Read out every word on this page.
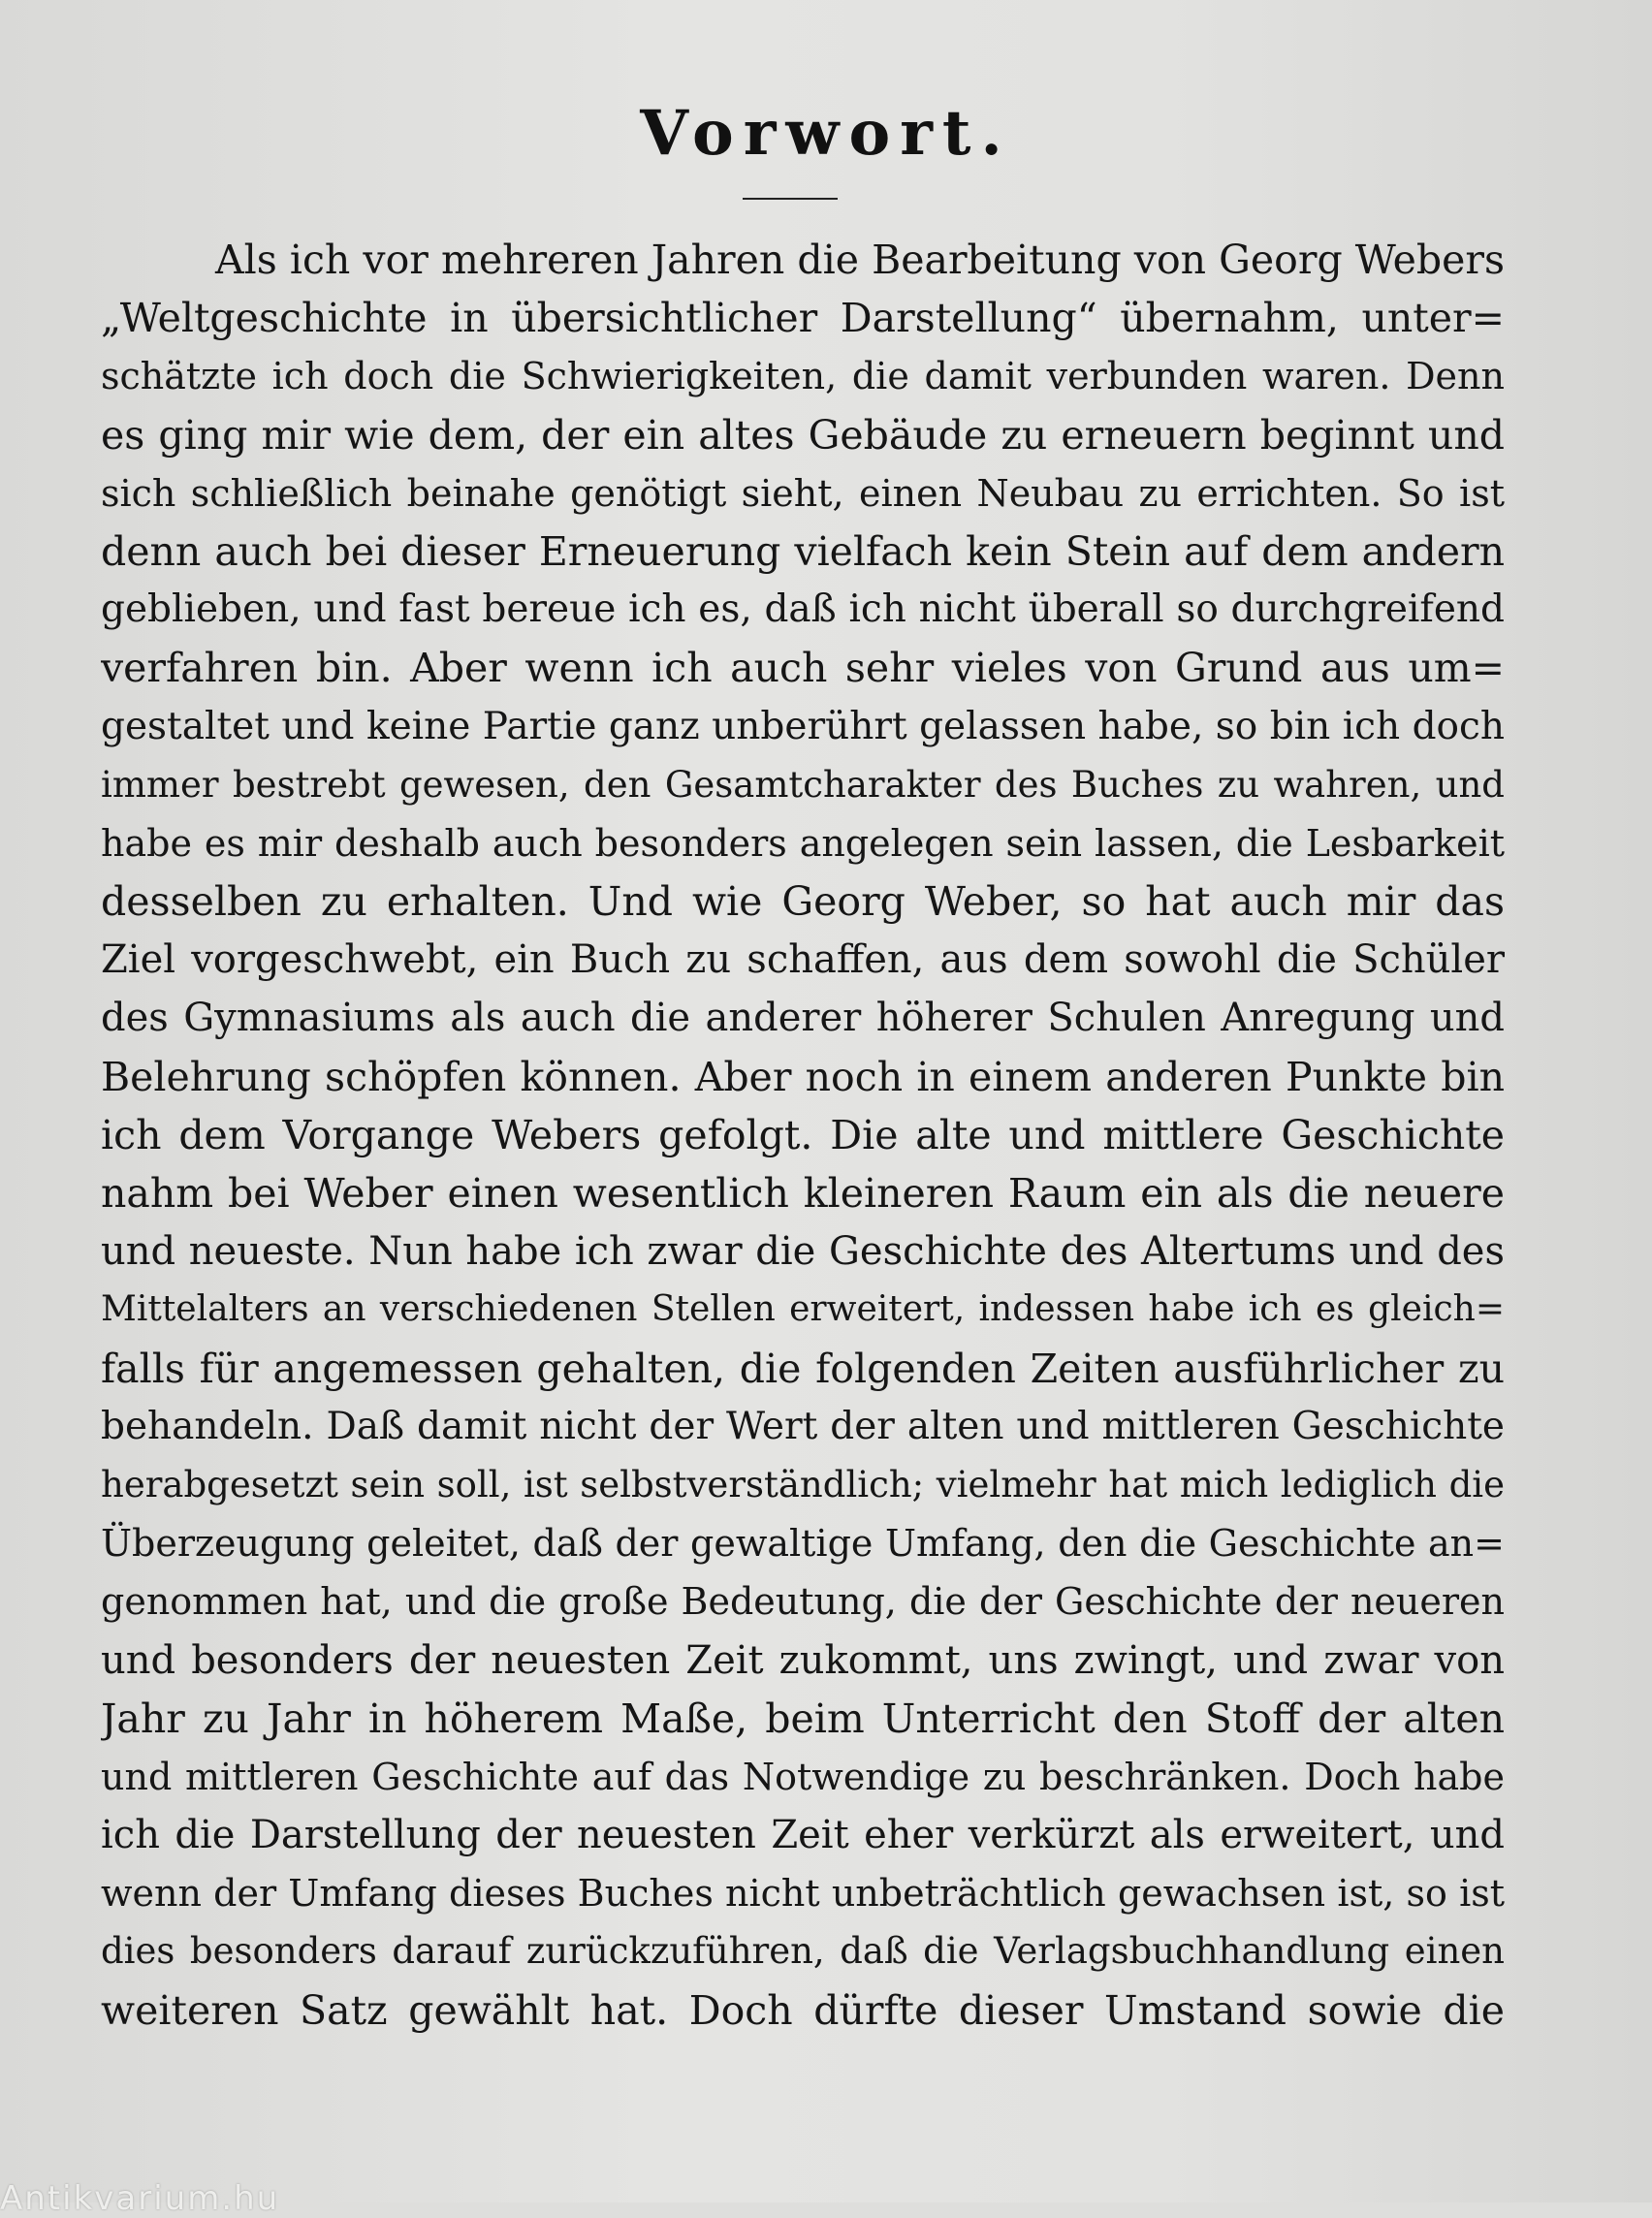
Vorwort.
Als ich vor mehreren Jahren die Bearbeitung von Georg Webers
„Weltgeschichte in übersichtlicher Darstellung“ übernahm, unter=
schätzte ich doch die Schwierigkeiten, die damit verbunden waren. Denn
es ging mir wie dem, der ein altes Gebäude zu erneuern beginnt und
sich schließlich beinahe genötigt sieht, einen Neubau zu errichten. So ist
denn auch bei dieser Erneuerung vielfach kein Stein auf dem andern
geblieben, und fast bereue ich es, daß ich nicht überall so durchgreifend
verfahren bin. Aber wenn ich auch sehr vieles von Grund aus um=
gestaltet und keine Partie ganz unberührt gelassen habe, so bin ich doch
immer bestrebt gewesen, den Gesamtcharakter des Buches zu wahren, und
habe es mir deshalb auch besonders angelegen sein lassen, die Lesbarkeit
desselben zu erhalten. Und wie Georg Weber, so hat auch mir das
Ziel vorgeschwebt, ein Buch zu schaffen, aus dem sowohl die Schüler
des Gymnasiums als auch die anderer höherer Schulen Anregung und
Belehrung schöpfen können. Aber noch in einem anderen Punkte bin
ich dem Vorgange Webers gefolgt. Die alte und mittlere Geschichte
nahm bei Weber einen wesentlich kleineren Raum ein als die neuere
und neueste. Nun habe ich zwar die Geschichte des Altertums und des
Mittelalters an verschiedenen Stellen erweitert, indessen habe ich es gleich=
falls für angemessen gehalten, die folgenden Zeiten ausführlicher zu
behandeln. Daß damit nicht der Wert der alten und mittleren Geschichte
herabgesetzt sein soll, ist selbstverständlich; vielmehr hat mich lediglich die
Überzeugung geleitet, daß der gewaltige Umfang, den die Geschichte an=
genommen hat, und die große Bedeutung, die der Geschichte der neueren
und besonders der neuesten Zeit zukommt, uns zwingt, und zwar von
Jahr zu Jahr in höherem Maße, beim Unterricht den Stoff der alten
und mittleren Geschichte auf das Notwendige zu beschränken. Doch habe
ich die Darstellung der neuesten Zeit eher verkürzt als erweitert, und
wenn der Umfang dieses Buches nicht unbeträchtlich gewachsen ist, so ist
dies besonders darauf zurückzuführen, daß die Verlagsbuchhandlung einen
weiteren Satz gewählt hat. Doch dürfte dieser Umstand sowie die
Antikvarium.hu
